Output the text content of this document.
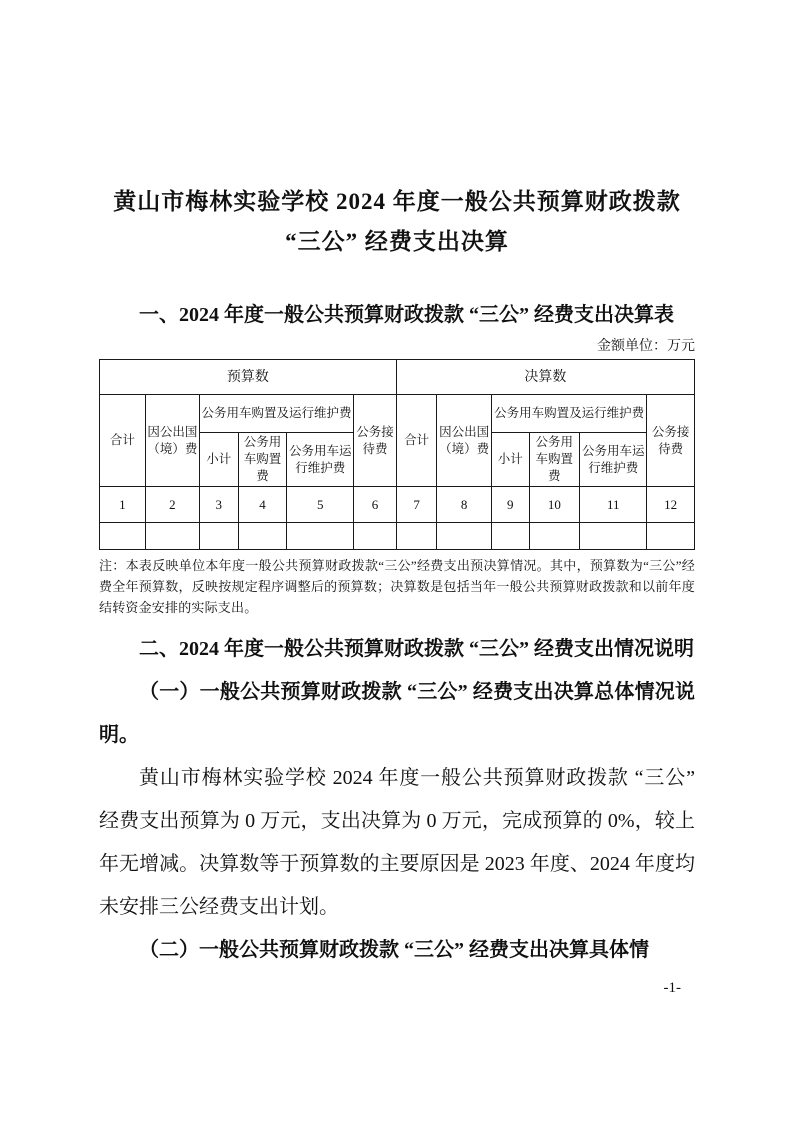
黄山市梅林实验学校 2024 年度一般公共预算财政拨款
“三公” 经费支出决算
一、2024 年度一般公共预算财政拨款 “三公” 经费支出决算表
金额单位：万元
预算数						决算数					
合计	因公出国（境）费	公务用车购置及运行维护费			公务接待费	合计	因公出国（境）费	公务用车购置及运行维护费			公务接待费
		小计	公务用车购置费	公务用车运行维护费				小计	公务用车购置费	公务用车运行维护费	
1	2	3	4	5	6	7	8	9	10	11	12

注：本表反映单位本年度一般公共预算财政拨款“三公”经费支出预决算情况。其中，预算数为“三公”经费全年预算数，反映按规定程序调整后的预算数；决算数是包括当年一般公共预算财政拨款和以前年度结转资金安排的实际支出。
二、2024 年度一般公共预算财政拨款 “三公” 经费支出情况说明
（一）一般公共预算财政拨款 “三公” 经费支出决算总体情况说明。
黄山市梅林实验学校 2024 年度一般公共预算财政拨款 “三公” 经费支出预算为 0 万元，支出决算为 0 万元，完成预算的 0%，较上年无增减。决算数等于预算数的主要原因是 2023 年度、2024 年度均未安排三公经费支出计划。
（二）一般公共预算财政拨款 “三公” 经费支出决算具体情
-1-
